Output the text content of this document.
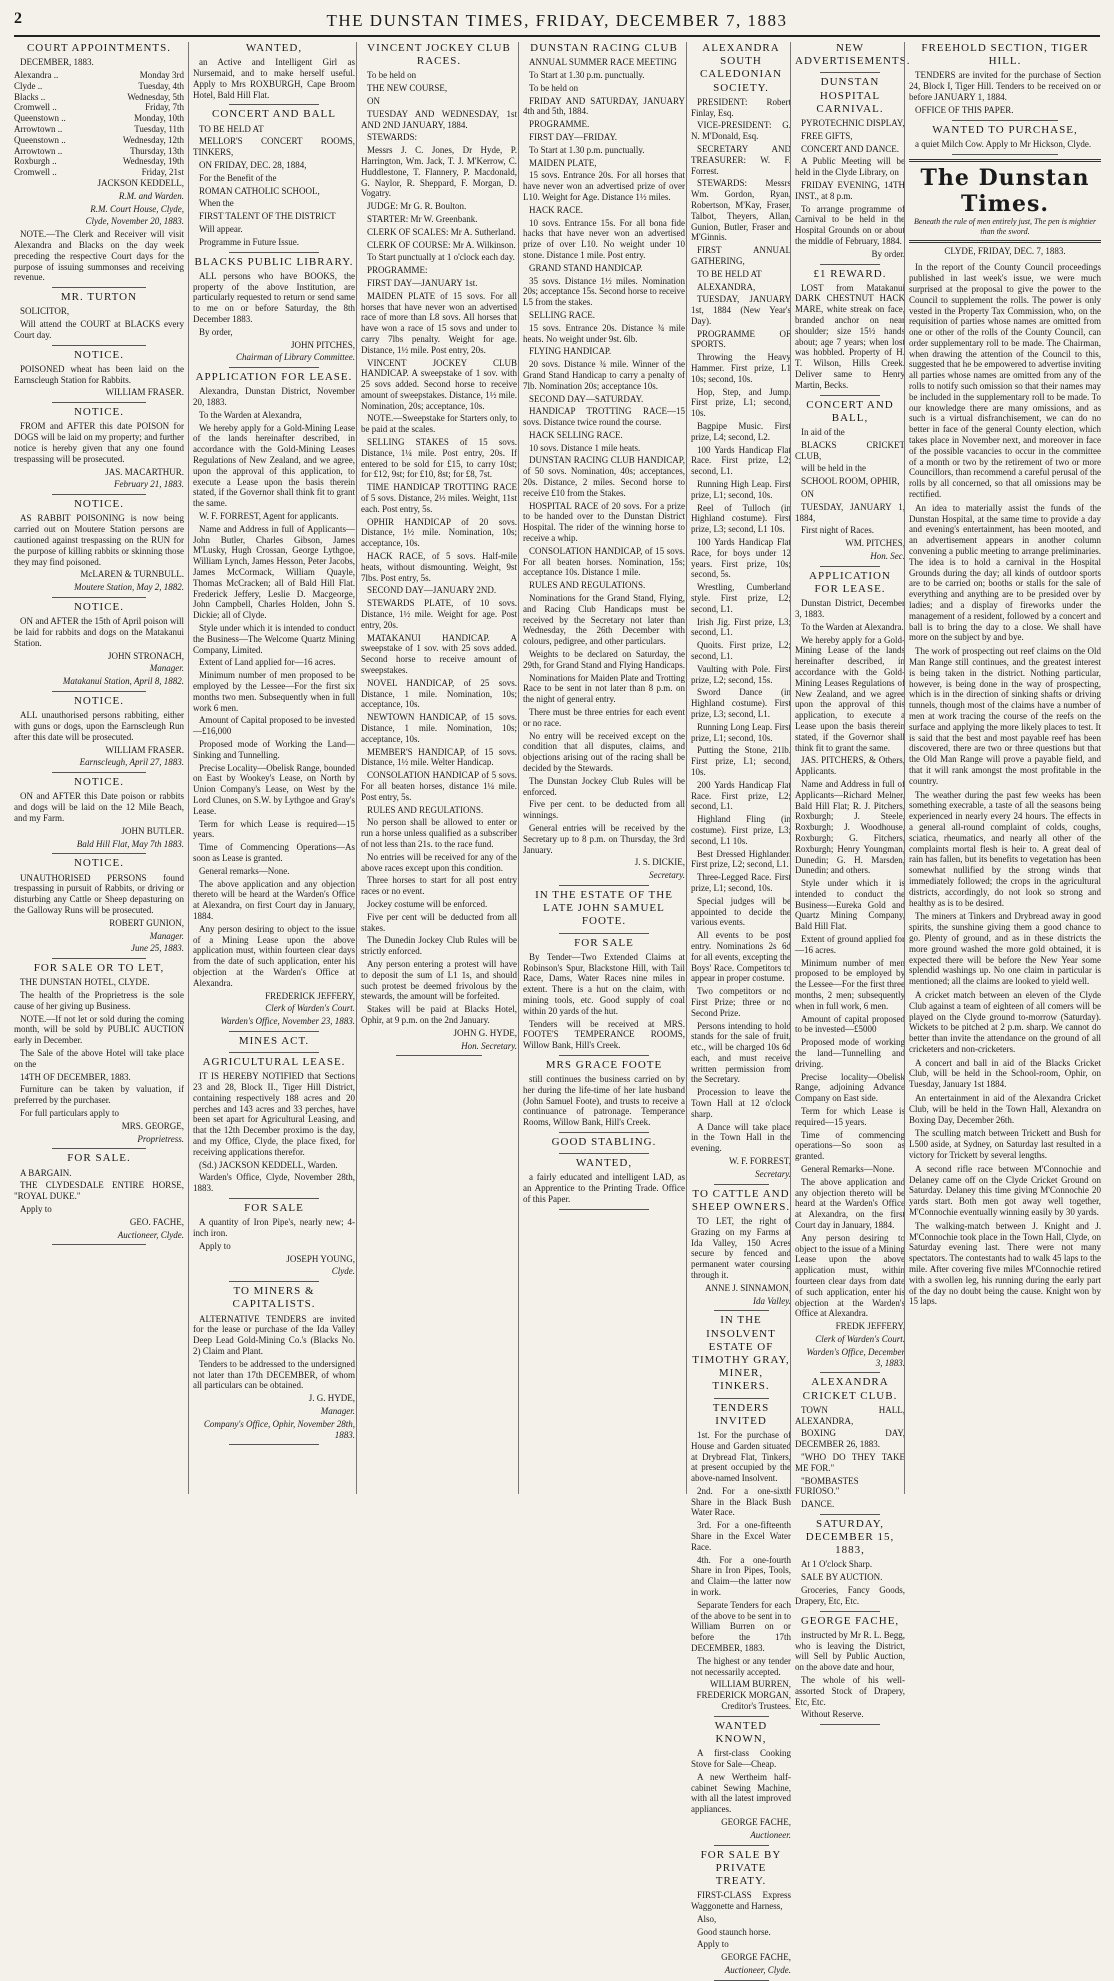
2	THE DUNSTAN TIMES, FRIDAY, DECEMBER 7, 1883
COURT APPOINTMENTS.

DECEMBER, 1883.

Alexandra ..	Monday 3rd
Clyde ..	Tuesday, 4th
Blacks ..	Wednesday, 5th
Cromwell ..	Friday, 7th
Queenstown ..	Monday, 10th
Arrowtown ..	Tuesday, 11th
Queenstown ..	Wednesday, 12th
Arrowtown ..	Thursday, 13th
Roxburgh ..	Wednesday, 19th
Cromwell ..	Friday, 21st

JACKSON KEDDELL,

R.M. and Warden.

R.M. Court House, Clyde,

Clyde, November 20, 1883.

NOTE.—The Clerk and Receiver will visit Alexandra and Blacks on the day week preceding the respective Court days for the purpose of issuing summonses and receiving revenue.

MR. TURTON

SOLICITOR,

Will attend the COURT at BLACKS every Court day.

NOTICE.

POISONED wheat has been laid on the Earnscleugh Station for Rabbits.

WILLIAM FRASER.

NOTICE.

FROM and AFTER this date POISON for DOGS will be laid on my property; and further notice is hereby given that any one found trespassing will be prosecuted.

JAS. MACARTHUR.

February 21, 1883.

NOTICE.

AS RABBIT POISONING is now being carried out on Moutere Station persons are cautioned against trespassing on the RUN for the purpose of killing rabbits or skinning those they may find poisoned.

McLAREN & TURNBULL.

Moutere Station, May 2, 1882.

NOTICE.

ON and AFTER the 15th of April poison will be laid for rabbits and dogs on the Matakanui Station.

JOHN STRONACH,

Manager.

Matakanui Station, April 8, 1882.

NOTICE.

ALL unauthorised persons rabbiting, either with guns or dogs, upon the Earnscleugh Run after this date will be prosecuted.

WILLIAM FRASER.

Earnscleugh, April 27, 1883.

NOTICE.

ON and AFTER this Date poison or rabbits and dogs will be laid on the 12 Mile Beach, and my Farm.

JOHN BUTLER.

Bald Hill Flat, May 7th 1883.

NOTICE.

UNAUTHORISED PERSONS found trespassing in pursuit of Rabbits, or driving or disturbing any Cattle or Sheep depasturing on the Galloway Runs will be prosecuted.

ROBERT GUNION,

Manager.

June 25, 1883.

FOR SALE OR TO LET,

THE DUNSTAN HOTEL, CLYDE.

The health of the Proprietress is the sole cause of her giving up Business.

NOTE.—If not let or sold during the coming month, will be sold by PUBLIC AUCTION early in December.

The Sale of the above Hotel will take place on the

14TH OF DECEMBER, 1883.

Furniture can be taken by valuation, if preferred by the purchaser.

For full particulars apply to

MRS. GEORGE,

Proprietress.

FOR SALE.

A BARGAIN.

THE CLYDESDALE ENTIRE HORSE, "ROYAL DUKE."

Apply to

GEO. FACHE,

Auctioneer, Clyde.

WANTED,

an Active and Intelligent Girl as Nursemaid, and to make herself useful. Apply to Mrs ROXBURGH, Cape Broom Hotel, Bald Hill Flat.

CONCERT AND BALL

TO BE HELD AT

MELLOR'S CONCERT ROOMS, TINKERS,

ON FRIDAY, DEC. 28, 1884,

For the Benefit of the

ROMAN CATHOLIC SCHOOL,

When the

FIRST TALENT OF THE DISTRICT

Will appear.

Programme in Future Issue.

BLACKS PUBLIC LIBRARY.

ALL persons who have BOOKS, the property of the above Institution, are particularly requested to return or send same to me on or before Saturday, the 8th December 1883.

By order,

JOHN PITCHES,

Chairman of Library Committee.

APPLICATION FOR LEASE.

Alexandra, Dunstan District, November 20, 1883.

To the Warden at Alexandra,

We hereby apply for a Gold-Mining Lease of the lands hereinafter described, in accordance with the Gold-Mining Leases Regulations of New Zealand, and we agree, upon the approval of this application, to execute a Lease upon the basis therein stated, if the Governor shall think fit to grant the same.

W. F. FORREST, Agent for applicants.

Name and Address in full of Applicants—John Butler, Charles Gibson, James M'Lusky, Hugh Crossan, George Lythgoe, William Lynch, James Hesson, Peter Jacobs, James McCormack, William Quayle, Thomas McCracken; all of Bald Hill Flat. Frederick Jeffery, Leslie D. Macgeorge, John Campbell, Charles Holden, John S. Dickie; all of Clyde.

Style under which it is intended to conduct the Business—The Welcome Quartz Mining Company, Limited.

Extent of Land applied for—16 acres.

Minimum number of men proposed to be employed by the Lessee—For the first six months two men. Subsequently when in full work 6 men.

Amount of Capital proposed to be invested—£16,000

Proposed mode of Working the Land—Sinking and Tunnelling.

Precise Locality—Obelisk Range, bounded on East by Wookey's Lease, on North by Union Company's Lease, on West by the Lord Clunes, on S.W. by Lythgoe and Gray's Lease.

Term for which Lease is required—15 years.

Time of Commencing Operations—As soon as Lease is granted.

General remarks—None.

The above application and any objection thereto will be heard at the Warden's Office at Alexandra, on first Court day in January, 1884.

Any person desiring to object to the issue of a Mining Lease upon the above application must, within fourteen clear days from the date of such application, enter his objection at the Warden's Office at Alexandra.

FREDERICK JEFFERY,

Clerk of Warden's Court.

Warden's Office, November 23, 1883.

MINES ACT.
AGRICULTURAL LEASE.

IT IS HEREBY NOTIFIED that Sections 23 and 28, Block II., Tiger Hill District, containing respectively 188 acres and 20 perches and 143 acres and 33 perches, have been set apart for Agricultural Leasing, and that the 12th December proximo is the day, and my Office, Clyde, the place fixed, for receiving applications therefor.

(Sd.) JACKSON KEDDELL, Warden.

Warden's Office, Clyde, November 28th, 1883.

FOR SALE

A quantity of Iron Pipe's, nearly new; 4-inch iron.

Apply to

JOSEPH YOUNG,

Clyde.

TO MINERS & CAPITALISTS.

ALTERNATIVE TENDERS are invited for the lease or purchase of the Ida Valley Deep Lead Gold-Mining Co.'s (Blacks No. 2) Claim and Plant.

Tenders to be addressed to the undersigned not later than 17th DECEMBER, of whom all particulars can be obtained.

J. G. HYDE,

Manager.

Company's Office, Ophir, November 28th, 1883.

VINCENT JOCKEY CLUB RACES.

To be held on

THE NEW COURSE,

ON

TUESDAY AND WEDNESDAY, 1st AND 2ND JANUARY, 1884.

STEWARDS:

Messrs J. C. Jones, Dr Hyde, P. Harrington, Wm. Jack, T. J. M'Kerrow, C. Huddlestone, T. Flannery, P. Macdonald, G. Naylor, R. Sheppard, F. Morgan, D. Vogatry.

JUDGE: Mr G. R. Boulton.

STARTER: Mr W. Greenbank.

CLERK OF SCALES: Mr A. Sutherland.

CLERK OF COURSE: Mr A. Wilkinson.

To Start punctually at 1 o'clock each day.

PROGRAMME:

FIRST DAY—JANUARY 1st.

MAIDEN PLATE of 15 sovs. For all horses that have never won an advertised race of more than L8 sovs. All horses that have won a race of 15 sovs and under to carry 7lbs penalty. Weight for age. Distance, 1½ mile. Post entry, 20s.

VINCENT JOCKEY CLUB HANDICAP. A sweepstake of 1 sov. with 25 sovs added. Second horse to receive amount of sweepstakes. Distance, 1½ mile. Nomination, 20s; acceptance, 10s.

NOTE.—Sweepstake for Starters only, to be paid at the scales.

SELLING STAKES of 15 sovs. Distance, 1¼ mile. Post entry, 20s. If entered to be sold for £15, to carry 10st; for £12, 9st; for £10, 8st; for £8, 7st.

TIME HANDICAP TROTTING RACE of 5 sovs. Distance, 2½ miles. Weight, 11st each. Post entry, 5s.

OPHIR HANDICAP of 20 sovs. Distance, 1½ mile. Nomination, 10s; acceptance, 10s.

HACK RACE, of 5 sovs. Half-mile heats, without dismounting. Weight, 9st 7lbs. Post entry, 5s.

SECOND DAY—JANUARY 2ND.

STEWARDS PLATE, of 10 sovs. Distance, 1½ mile. Weight for age. Post entry, 20s.

MATAKANUI HANDICAP. A sweepstake of 1 sov. with 25 sovs added. Second horse to receive amount of sweepstakes.

NOVEL HANDICAP, of 25 sovs. Distance, 1 mile. Nomination, 10s; acceptance, 10s.

NEWTOWN HANDICAP, of 15 sovs. Distance, 1 mile. Nomination, 10s; acceptance, 10s.

MEMBER'S HANDICAP, of 15 sovs. Distance, 1½ mile. Welter Handicap.

CONSOLATION HANDICAP of 5 sovs. For all beaten horses, distance 1¼ mile. Post entry, 5s.

RULES AND REGULATIONS.

No person shall be allowed to enter or run a horse unless qualified as a subscriber of not less than 21s. to the race fund.

No entries will be received for any of the above races except upon this condition.

Three horses to start for all post entry races or no event.

Jockey costume will be enforced.

Five per cent will be deducted from all stakes.

The Dunedin Jockey Club Rules will be strictly enforced.

Any person entering a protest will have to deposit the sum of L1 1s, and should such protest be deemed frivolous by the stewards, the amount will be forfeited.

Stakes will be paid at Blacks Hotel, Ophir, at 9 p.m. on the 2nd January.

JOHN G. HYDE,

Hon. Secretary.

DUNSTAN RACING CLUB

ANNUAL SUMMER RACE MEETING

To Start at 1.30 p.m. punctually.

To be held on

FRIDAY AND SATURDAY, JANUARY 4th and 5th, 1884.

PROGRAMME.

FIRST DAY—FRIDAY.

To Start at 1.30 p.m. punctually.

MAIDEN PLATE,

15 sovs. Entrance 20s. For all horses that have never won an advertised prize of over L10. Weight for Age. Distance 1½ miles.

HACK RACE.

10 sovs. Entrance 15s. For all bona fide hacks that have never won an advertised prize of over L10. No weight under 10 stone. Distance 1 mile. Post entry.

GRAND STAND HANDICAP.

35 sovs. Distance 1½ miles. Nomination 20s; acceptance 15s. Second horse to receive L5 from the stakes.

SELLING RACE.

15 sovs. Entrance 20s. Distance ¾ mile heats. No weight under 9st. 6lb.

FLYING HANDICAP.

20 sovs. Distance ¾ mile. Winner of the Grand Stand Handicap to carry a penalty of 7lb. Nomination 20s; acceptance 10s.

SECOND DAY—SATURDAY.

HANDICAP TROTTING RACE—15 sovs. Distance twice round the course.

HACK SELLING RACE.

10 sovs. Distance 1 mile heats.

DUNSTAN RACING CLUB HANDICAP, of 50 sovs. Nomination, 40s; acceptances, 20s. Distance, 2 miles. Second horse to receive £10 from the Stakes.

HOSPITAL RACE of 20 sovs. For a prize to be handed over to the Dunstan District Hospital. The rider of the winning horse to receive a whip.

CONSOLATION HANDICAP, of 15 sovs. For all beaten horses. Nomination, 15s; acceptance 10s. Distance 1 mile.

RULES AND REGULATIONS.

Nominations for the Grand Stand, Flying, and Racing Club Handicaps must be received by the Secretary not later than Wednesday, the 26th December with colours, pedigree, and other particulars.

Weights to be declared on Saturday, the 29th, for Grand Stand and Flying Handicaps.

Nominations for Maiden Plate and Trotting Race to be sent in not later than 8 p.m. on the night of general entry.

There must be three entries for each event or no race.

No entry will be received except on the condition that all disputes, claims, and objections arising out of the racing shall be decided by the Stewards.

The Dunstan Jockey Club Rules will be enforced.

Five per cent. to be deducted from all winnings.

General entries will be received by the Secretary up to 8 p.m. on Thursday, the 3rd January.

J. S. DICKIE,

Secretary.

IN THE ESTATE OF THE LATE JOHN SAMUEL FOOTE.
FOR SALE

By Tender—Two Extended Claims at Robinson's Spur, Blackstone Hill, with Tail Race, Dams, Water Races nine miles in extent. There is a hut on the claim, with mining tools, etc. Good supply of coal within 20 yards of the hut.

Tenders will be received at MRS. FOOTE'S TEMPERANCE ROOMS, Willow Bank, Hill's Creek.

MRS GRACE FOOTE

still continues the business carried on by her during the life-time of her late husband (John Samuel Foote), and trusts to receive a continuance of patronage. Temperance Rooms, Willow Bank, Hill's Creek.

GOOD STABLING.
WANTED,

a fairly educated and intelligent LAD, as an Apprentice to the Printing Trade. Office of this Paper.

ALEXANDRA SOUTH CALEDONIAN SOCIETY.

PRESIDENT: Robert Finlay, Esq.

VICE-PRESIDENT: G. N. M'Donald, Esq.

SECRETARY AND TREASURER: W. F. Forrest.

STEWARDS: Messrs Wm. Gordon, Ryan, Robertson, M'Kay, Fraser, Talbot, Theyers, Allan, Gunion, Butler, Fraser and M'Ginnis.

FIRST ANNUAL GATHERING,

TO BE HELD AT

ALEXANDRA,

TUESDAY, JANUARY 1st, 1884 (New Year's Day).

PROGRAMME OF SPORTS.

Throwing the Heavy Hammer. First prize, L1 10s; second, 10s.

Hop, Step, and Jump. First prize, L1; second, 10s.

Bagpipe Music. First prize, L4; second, L2.

100 Yards Handicap Flat Race. First prize, L2; second, L1.

Running High Leap. First prize, L1; second, 10s.

Reel of Tulloch (in Highland costume). First prize, L3; second, L1 10s.

100 Yards Handicap Flat Race, for boys under 12 years. First prize, 10s; second, 5s.

Wrestling, Cumberland style. First prize, L2; second, L1.

Irish Jig. First prize, L3; second, L1.

Quoits. First prize, L2; second, L1.

Vaulting with Pole. First prize, L2; second, 15s.

Sword Dance (in Highland costume). First prize, L3; second, L1.

Running Long Leap. First prize, L1; second, 10s.

Putting the Stone, 21lb. First prize, L1; second, 10s.

200 Yards Handicap Flat Race. First prize, L2; second, L1.

Highland Fling (in costume). First prize, L3; second, L1 10s.

Best Dressed Highlander. First prize, L2; second, L1.

Three-Legged Race. First prize, L1; second, 10s.

Special judges will be appointed to decide the various events.

All events to be post entry. Nominations 2s 6d for all events, excepting the Boys' Race. Competitors to appear in proper costume.

Two competitors or no First Prize; three or no Second Prize.

Persons intending to hold stands for the sale of fruit, etc., will be charged 10s 6d each, and must receive written permission from the Secretary.

Procession to leave the Town Hall at 12 o'clock sharp.

A Dance will take place in the Town Hall in the evening.

W. F. FORREST,

Secretary.

TO CATTLE AND SHEEP OWNERS.

TO LET, the right of Grazing on my Farms at Ida Valley, 150 Acres secure by fenced and permanent water coursing through it.

ANNE J. SINNAMON,

Ida Valley.

IN THE INSOLVENT ESTATE OF TIMOTHY GRAY, MINER, TINKERS.
TENDERS INVITED

1st. For the purchase of House and Garden situated at Drybread Flat, Tinkers, at present occupied by the above-named Insolvent.

2nd. For a one-sixth Share in the Black Bush Water Race.

3rd. For a one-fifteenth Share in the Excel Water Race.

4th. For a one-fourth Share in Iron Pipes, Tools, and Claim—the latter now in work.

Separate Tenders for each of the above to be sent in to William Burren on or before the 17th DECEMBER, 1883.

The highest or any tender not necessarily accepted.

WILLIAM BURREN, FREDERICK MORGAN, Creditor's Trustees.

WANTED KNOWN,

A first-class Cooking Stove for Sale—Cheap.

A new Wertheim half-cabinet Sewing Machine, with all the latest improved appliances.

GEORGE FACHE,

Auctioneer.

FOR SALE BY PRIVATE TREATY.

FIRST-CLASS Express Waggonette and Harness,

Also,

Good staunch horse.

Apply to

GEORGE FACHE,

Auctioneer, Clyde.

NEW ADVERTISEMENTS.
DUNSTAN HOSPITAL CARNIVAL.

PYROTECHNIC DISPLAY,

FREE GIFTS,

CONCERT AND DANCE.

A Public Meeting will be held in the Clyde Library, on

FRIDAY EVENING, 14TH INST., at 8 p.m.

To arrange programme of Carnival to be held in the Hospital Grounds on or about the middle of February, 1884.

By order.

£1 REWARD.

LOST from Matakanui DARK CHESTNUT HACK MARE, white streak on face, branded anchor on near shoulder; size 15½ hands about; age 7 years; when lost was hobbled. Property of H. T. Wilson, Hills Creek. Deliver same to Henry Martin, Becks.

CONCERT AND BALL,

In aid of the

BLACKS CRICKET CLUB,

will be held in the

SCHOOL ROOM, OPHIR,

ON

TUESDAY, JANUARY 1, 1884,

First night of Races.

WM. PITCHES,

Hon. Sec.

APPLICATION FOR LEASE.

Dunstan District, December 3, 1883.

To the Warden at Alexandra.

We hereby apply for a Gold-Mining Lease of the lands hereinafter described, in accordance with the Gold-Mining Leases Regulations of New Zealand, and we agree upon the approval of this application, to execute a Lease upon the basis therein stated, if the Governor shall think fit to grant the same.

JAS. PITCHERS, & Others, Applicants.

Name and Address in full of Applicants—Richard Melner, Bald Hill Flat; R. J. Pitchers, Roxburgh; J. Steele, Roxburgh; J. Woodhouse, Roxburgh; G. Fitchers, Roxburgh; Henry Youngman, Dunedin; G. H. Marsden, Dunedin; and others.

Style under which it is intended to conduct the Business—Eureka Gold and Quartz Mining Company, Bald Hill Flat.

Extent of ground applied for—16 acres.

Minimum number of men proposed to be employed by the Lessee—For the first three months, 2 men; subsequently when in full work, 6 men.

Amount of capital proposed to be invested—£5000

Proposed mode of working the land—Tunnelling and driving.

Precise locality—Obelisk Range, adjoining Advance Company on East side.

Term for which Lease is required—15 years.

Time of commencing operations—So soon as granted.

General Remarks—None.

The above application and any objection thereto will be heard at the Warden's Office at Alexandra, on the first Court day in January, 1884.

Any person desiring to object to the issue of a Mining Lease upon the above application must, within fourteen clear days from date of such application, enter his objection at the Warden's Office at Alexandra.

FREDK JEFFERY,

Clerk of Warden's Court.

Warden's Office, December 3, 1883.

ALEXANDRA CRICKET CLUB.

TOWN HALL, ALEXANDRA,

BOXING DAY, DECEMBER 26, 1883.

"WHO DO THEY TAKE ME FOR."

"BOMBASTES FURIOSO."

DANCE.

SATURDAY, DECEMBER 15, 1883,

At 1 O'clock Sharp.

SALE BY AUCTION.

Groceries, Fancy Goods, Drapery, Etc, Etc.

GEORGE FACHE,

instructed by Mr R. L. Begg, who is leaving the District, will Sell by Public Auction, on the above date and hour,

The whole of his well-assorted Stock of Drapery, Etc, Etc.

Without Reserve.

FREEHOLD SECTION, TIGER HILL.

TENDERS are invited for the purchase of Section 24, Block I, Tiger Hill. Tenders to be received on or before JANUARY 1, 1884.

OFFICE OF THIS PAPER.

WANTED TO PURCHASE,

a quiet Milch Cow. Apply to Mr Hickson, Clyde.

The Dunstan Times.
Beneath the rule of men entirely just, The pen is mightier than the sword.
CLYDE, FRIDAY, DEC. 7, 1883.

In the report of the County Council proceedings published in last week's issue, we were much surprised at the proposal to give the power to the Council to supplement the rolls. The power is only vested in the Property Tax Commission, who, on the requisition of parties whose names are omitted from one or other of the rolls of the County Council, can order supplementary roll to be made. The Chairman, when drawing the attention of the Council to this, suggested that he be empowered to advertise inviting all parties whose names are omitted from any of the rolls to notify such omission so that their names may be included in the supplementary roll to be made. To our knowledge there are many omissions, and as such is a virtual disfranchisement, we can do no better in face of the general County election, which takes place in November next, and moreover in face of the possible vacancies to occur in the committee of a month or two by the retirement of two or more Councillors, than recommend a careful perusal of the rolls by all concerned, so that all omissions may be rectified.

An idea to materially assist the funds of the Dunstan Hospital, at the same time to provide a day and evening's entertainment, has been mooted, and an advertisement appears in another column convening a public meeting to arrange preliminaries. The idea is to hold a carnival in the Hospital Grounds during the day; all kinds of outdoor sports are to be carried on; booths or stalls for the sale of everything and anything are to be presided over by ladies; and a display of fireworks under the management of a resident, followed by a concert and ball is to bring the day to a close. We shall have more on the subject by and bye.

The work of prospecting out reef claims on the Old Man Range still continues, and the greatest interest is being taken in the district. Nothing particular, however, is being done in the way of prospecting, which is in the direction of sinking shafts or driving tunnels, though most of the claims have a number of men at work tracing the course of the reefs on the surface and applying the more likely places to test. It is said that the best and most payable reef has been discovered, there are two or three questions but that the Old Man Range will prove a payable field, and that it will rank amongst the most profitable in the country.

The weather during the past few weeks has been something execrable, a taste of all the seasons being experienced in nearly every 24 hours. The effects in a general all-round complaint of colds, coughs, sciatica, rheumatics, and nearly all other of the complaints mortal flesh is heir to. A great deal of rain has fallen, but its benefits to vegetation has been somewhat nullified by the strong winds that immediately followed; the crops in the agricultural districts, accordingly, do not look so strong and healthy as is to be desired.

The miners at Tinkers and Drybread away in good spirits, the sunshine giving them a good chance to go. Plenty of ground, and as in these districts the more ground washed the more gold obtained, it is expected there will be before the New Year some splendid washings up. No one claim in particular is mentioned; all the claims are looked to yield well.

A cricket match between an eleven of the Clyde Club against a team of eighteen of all comers will be played on the Clyde ground to-morrow (Saturday). Wickets to be pitched at 2 p.m. sharp. We cannot do better than invite the attendance on the ground of all cricketers and non-cricketers.

A concert and ball in aid of the Blacks Cricket Club, will be held in the School-room, Ophir, on Tuesday, January 1st 1884.

An entertainment in aid of the Alexandra Cricket Club, will be held in the Town Hall, Alexandra on Boxing Day, December 26th.

The sculling match between Trickett and Bush for L500 aside, at Sydney, on Saturday last resulted in a victory for Trickett by several lengths.

A second rifle race between M'Connochie and Delaney came off on the Clyde Cricket Ground on Saturday. Delaney this time giving M'Connochie 20 yards start. Both men got away well together, M'Connochie eventually winning easily by 30 yards.

The walking-match between J. Knight and J. M'Connochie took place in the Town Hall, Clyde, on Saturday evening last. There were not many spectators. The contestants had to walk 45 laps to the mile. After covering five miles M'Connochie retired with a swollen leg, his running during the early part of the day no doubt being the cause. Knight won by 15 laps.
